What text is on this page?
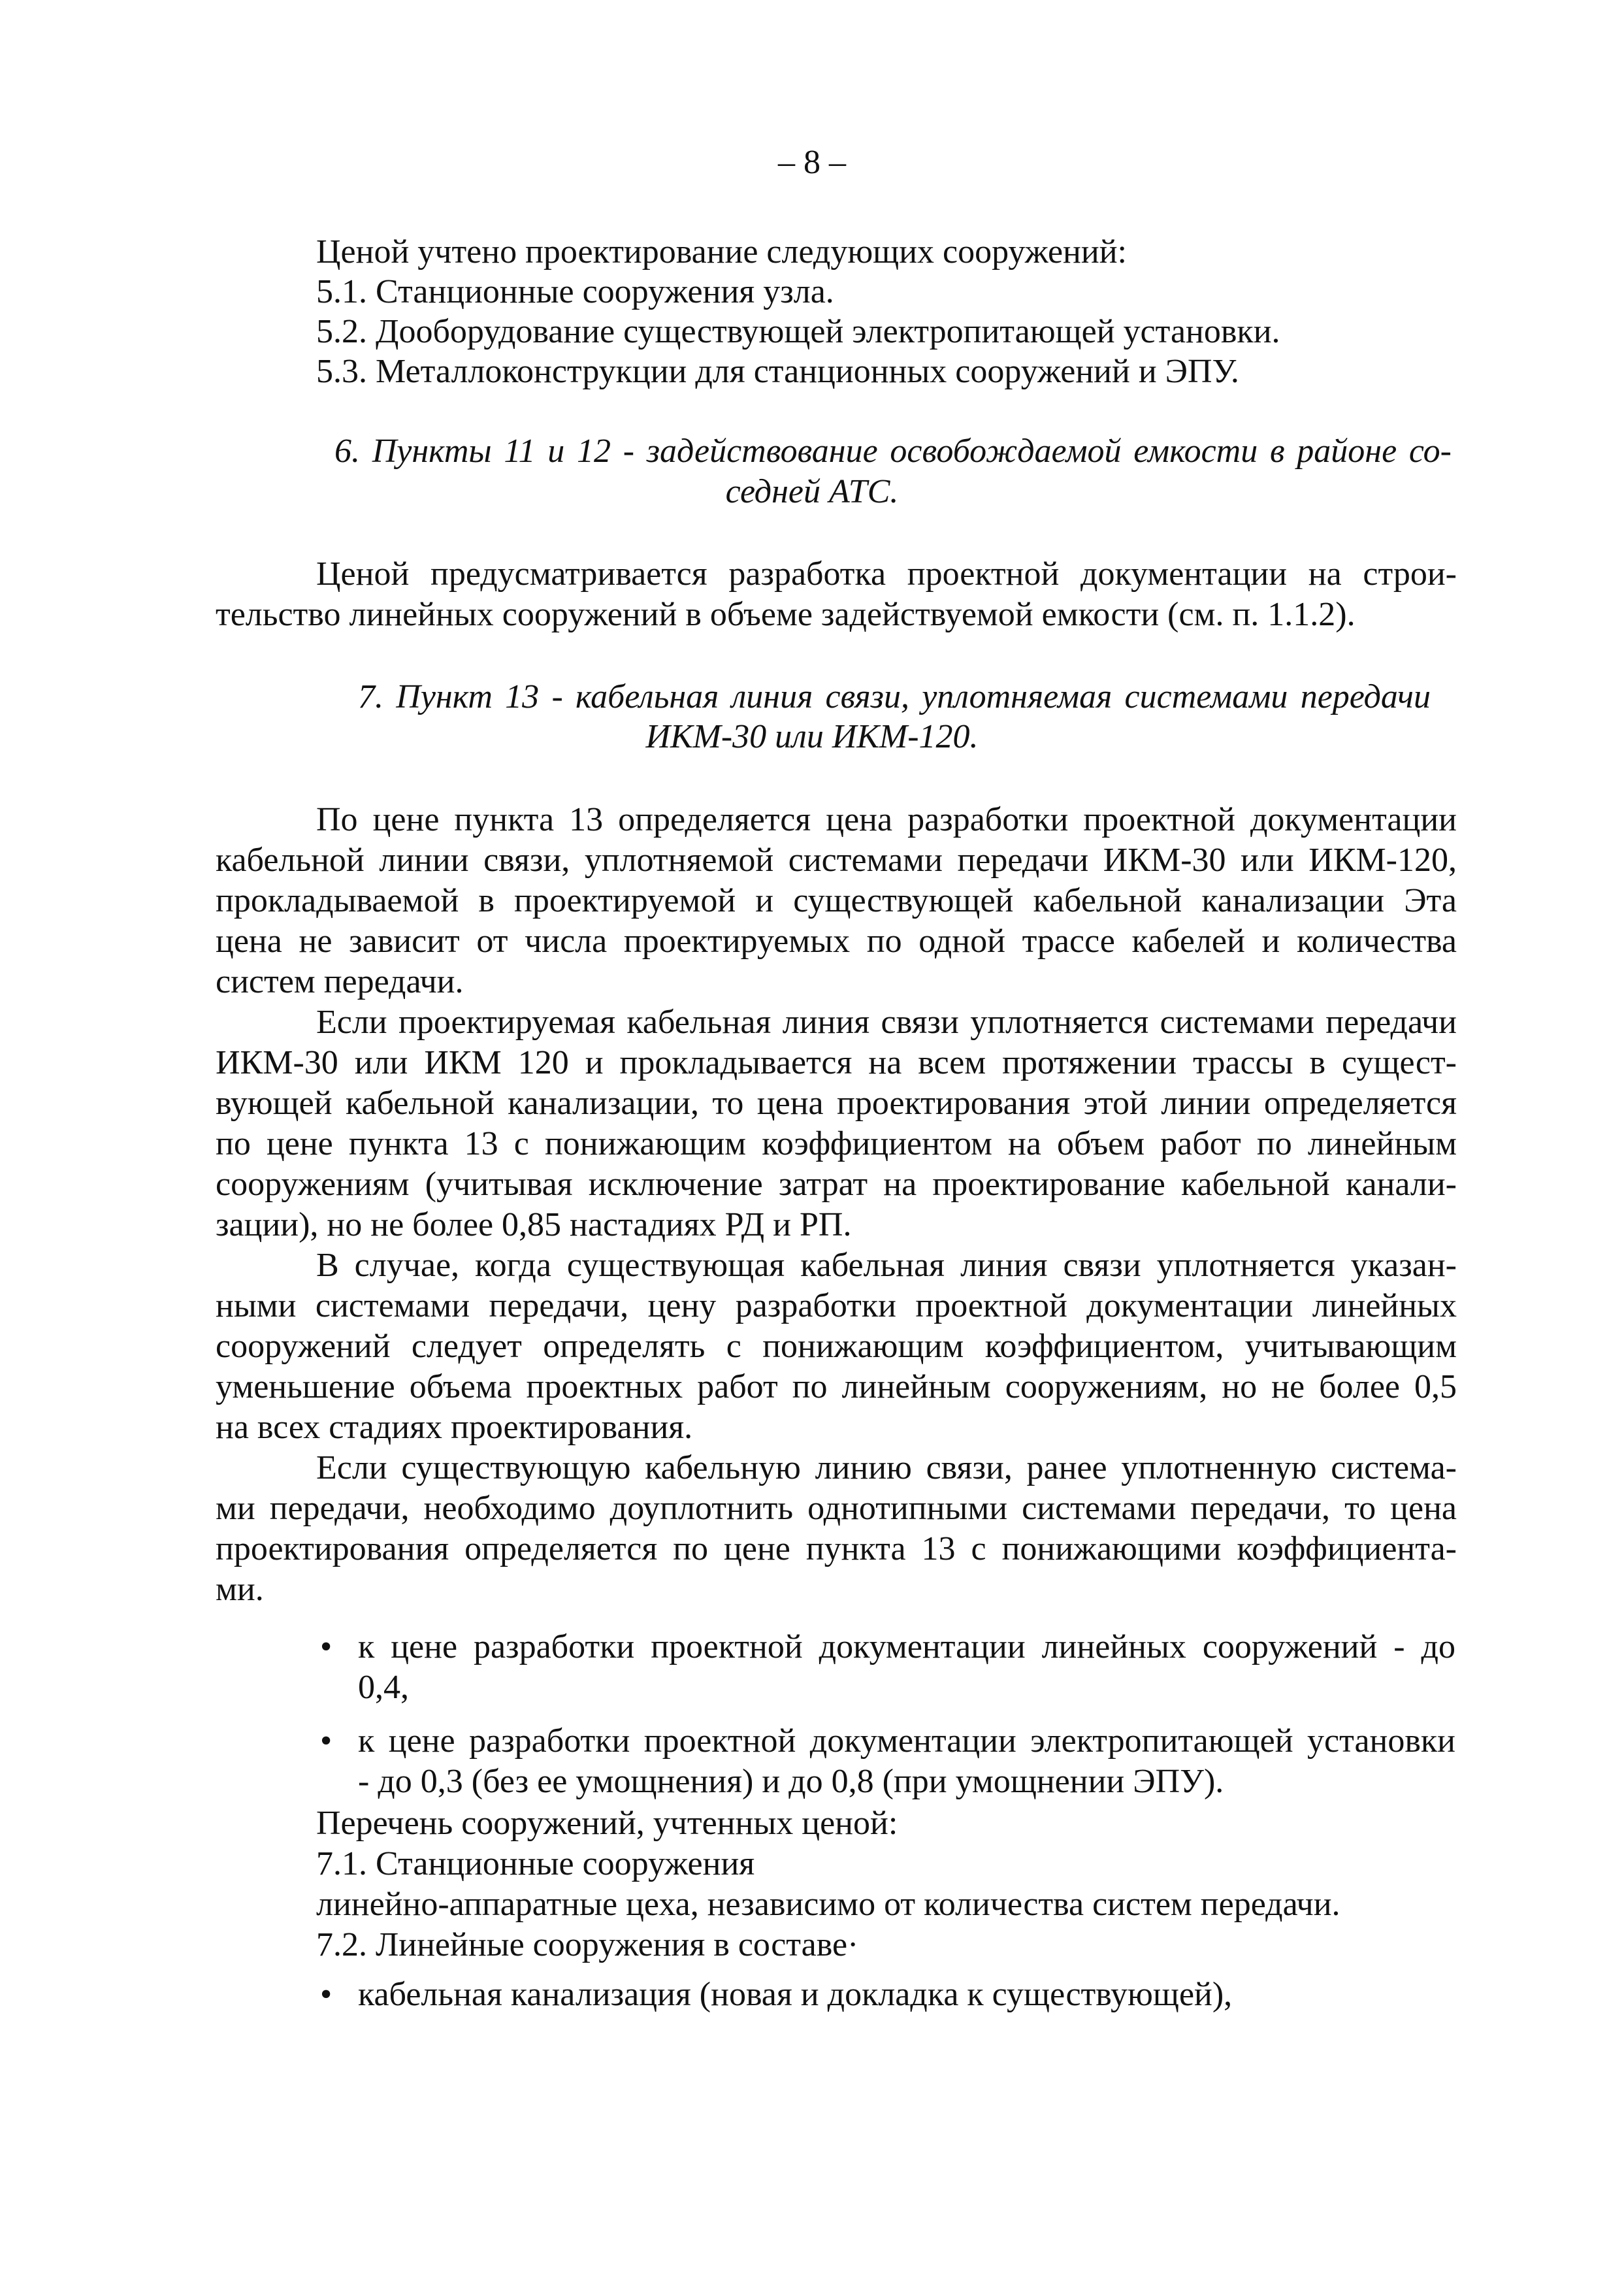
– 8 –
Ценой учтено проектирование следующих сооружений:
5.1. Станционные сооружения узла.
5.2. Дооборудование существующей электропитающей установки.
5.3. Металлоконструкции для станционных сооружений и ЭПУ.
6. Пункты 11 и 12 - задействование освобождаемой емкости в районе со-
седней АТС.
Ценой предусматривается разработка проектной документации на строи-
тельство линейных сооружений в объеме задействуемой емкости (см. п. 1.1.2).
7. Пункт 13 - кабельная линия связи, уплотняемая системами передачи
ИКМ-30 или ИКМ-120.
По цене пункта 13 определяется цена разработки проектной документации
кабельной линии связи, уплотняемой системами передачи ИКМ-30 или ИКМ-120,
прокладываемой в проектируемой и существующей кабельной канализации Эта
цена не зависит от числа проектируемых по одной трассе кабелей и количества
систем передачи.
Если проектируемая кабельная линия связи уплотняется системами передачи
ИКМ-30 или ИКМ 120 и прокладывается на всем протяжении трассы в сущест-
вующей кабельной канализации, то цена проектирования этой линии определяется
по цене пункта 13 с понижающим коэффициентом на объем работ по линейным
сооружениям (учитывая исключение затрат на проектирование кабельной канали-
зации), но не более 0,85 настадиях РД и РП.
В случае, когда существующая кабельная линия связи уплотняется указан-
ными системами передачи, цену разработки проектной документации линейных
сооружений следует определять с понижающим коэффициентом, учитывающим
уменьшение объема проектных работ по линейным сооружениям, но не более 0,5
на всех стадиях проектирования.
Если существующую кабельную линию связи, ранее уплотненную система-
ми передачи, необходимо доуплотнить однотипными системами передачи, то цена
проектирования определяется по цене пункта 13 с понижающими коэффициента-
ми.
• к цене разработки проектной документации линейных сооружений - до
0,4,
• к цене разработки проектной документации электропитающей установки
- до 0,3 (без ее умощнения) и до 0,8 (при умощнении ЭПУ).
Перечень сооружений, учтенных ценой:
7.1. Станционные сооружения
линейно-аппаратные цеха, независимо от количества систем передачи.
7.2. Линейные сооружения в составе·
• кабельная канализация (новая и докладка к существующей),
